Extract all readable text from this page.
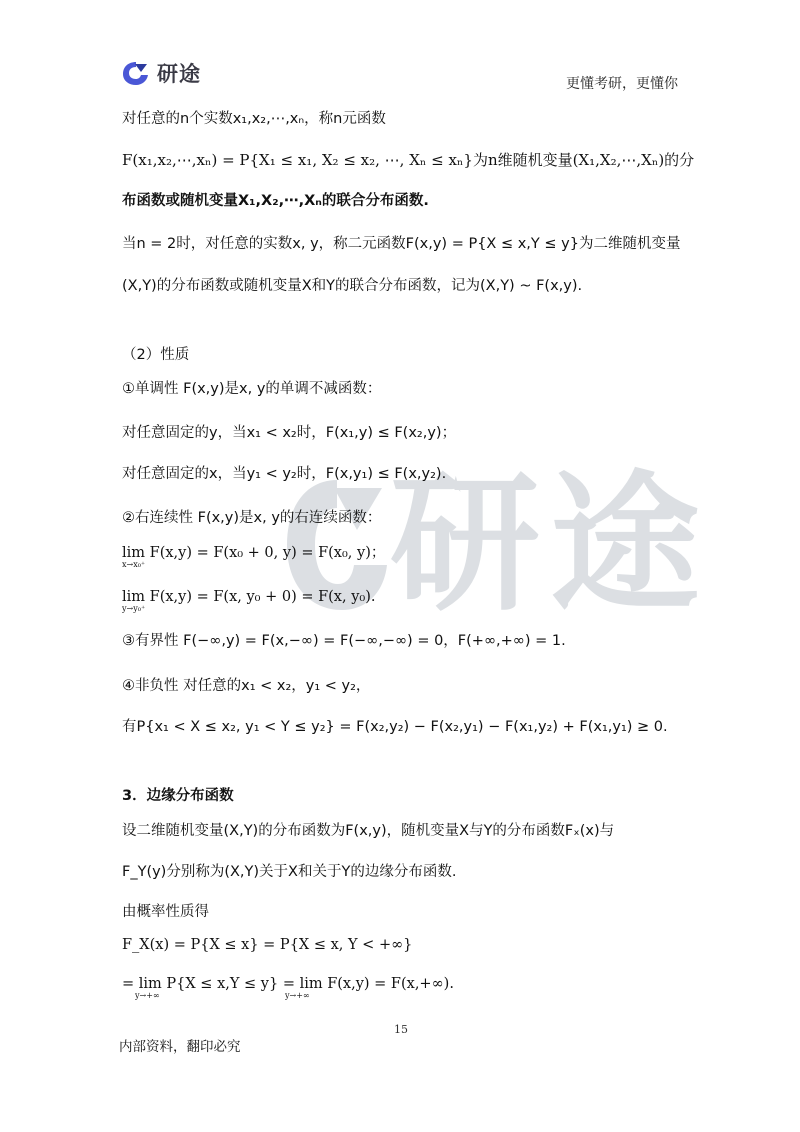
研途	更懂考研，更懂你
研途
对任意的n个实数x₁,x₂,⋯,xₙ，称n元函数
F(x₁,x₂,⋯,xₙ) = P{X₁ ≤ x₁, X₂ ≤ x₂, ⋯, Xₙ ≤ xₙ}为n维随机变量(X₁,X₂,⋯,Xₙ)的分
布函数或随机变量X₁,X₂,⋯,Xₙ的联合分布函数.
当n = 2时，对任意的实数x, y，称二元函数F(x,y) = P{X ≤ x,Y ≤ y}为二维随机变量
(X,Y)的分布函数或随机变量X和Y的联合分布函数，记为(X,Y) ~ F(x,y).
（2）性质
①单调性 F(x,y)是x, y的单调不减函数：
对任意固定的y，当x₁ < x₂时，F(x₁,y) ≤ F(x₂,y)；
对任意固定的x，当y₁ < y₂时，F(x,y₁) ≤ F(x,y₂).
②右连续性 F(x,y)是x, y的右连续函数：
lim F(x,y) = F(x₀ + 0, y) = F(x₀, y)；
x→x₀⁺
lim F(x,y) = F(x, y₀ + 0) = F(x, y₀).
y→y₀⁺
③有界性 F(−∞,y) = F(x,−∞) = F(−∞,−∞) = 0，F(+∞,+∞) = 1.
④非负性 对任意的x₁ < x₂，y₁ < y₂，
有P{x₁ < X ≤ x₂, y₁ < Y ≤ y₂} = F(x₂,y₂) − F(x₂,y₁) − F(x₁,y₂) + F(x₁,y₁) ≥ 0.
3．边缘分布函数
设二维随机变量(X,Y)的分布函数为F(x,y)，随机变量X与Y的分布函数Fₓ(x)与
F_Y(y)分别称为(X,Y)关于X和关于Y的边缘分布函数.
由概率性质得
F_X(x) = P{X ≤ x} = P{X ≤ x, Y < +∞}
= lim P{X ≤ x,Y ≤ y} = lim F(x,y) = F(x,+∞).
y→+∞	y→+∞
15
内部资料，翻印必究
